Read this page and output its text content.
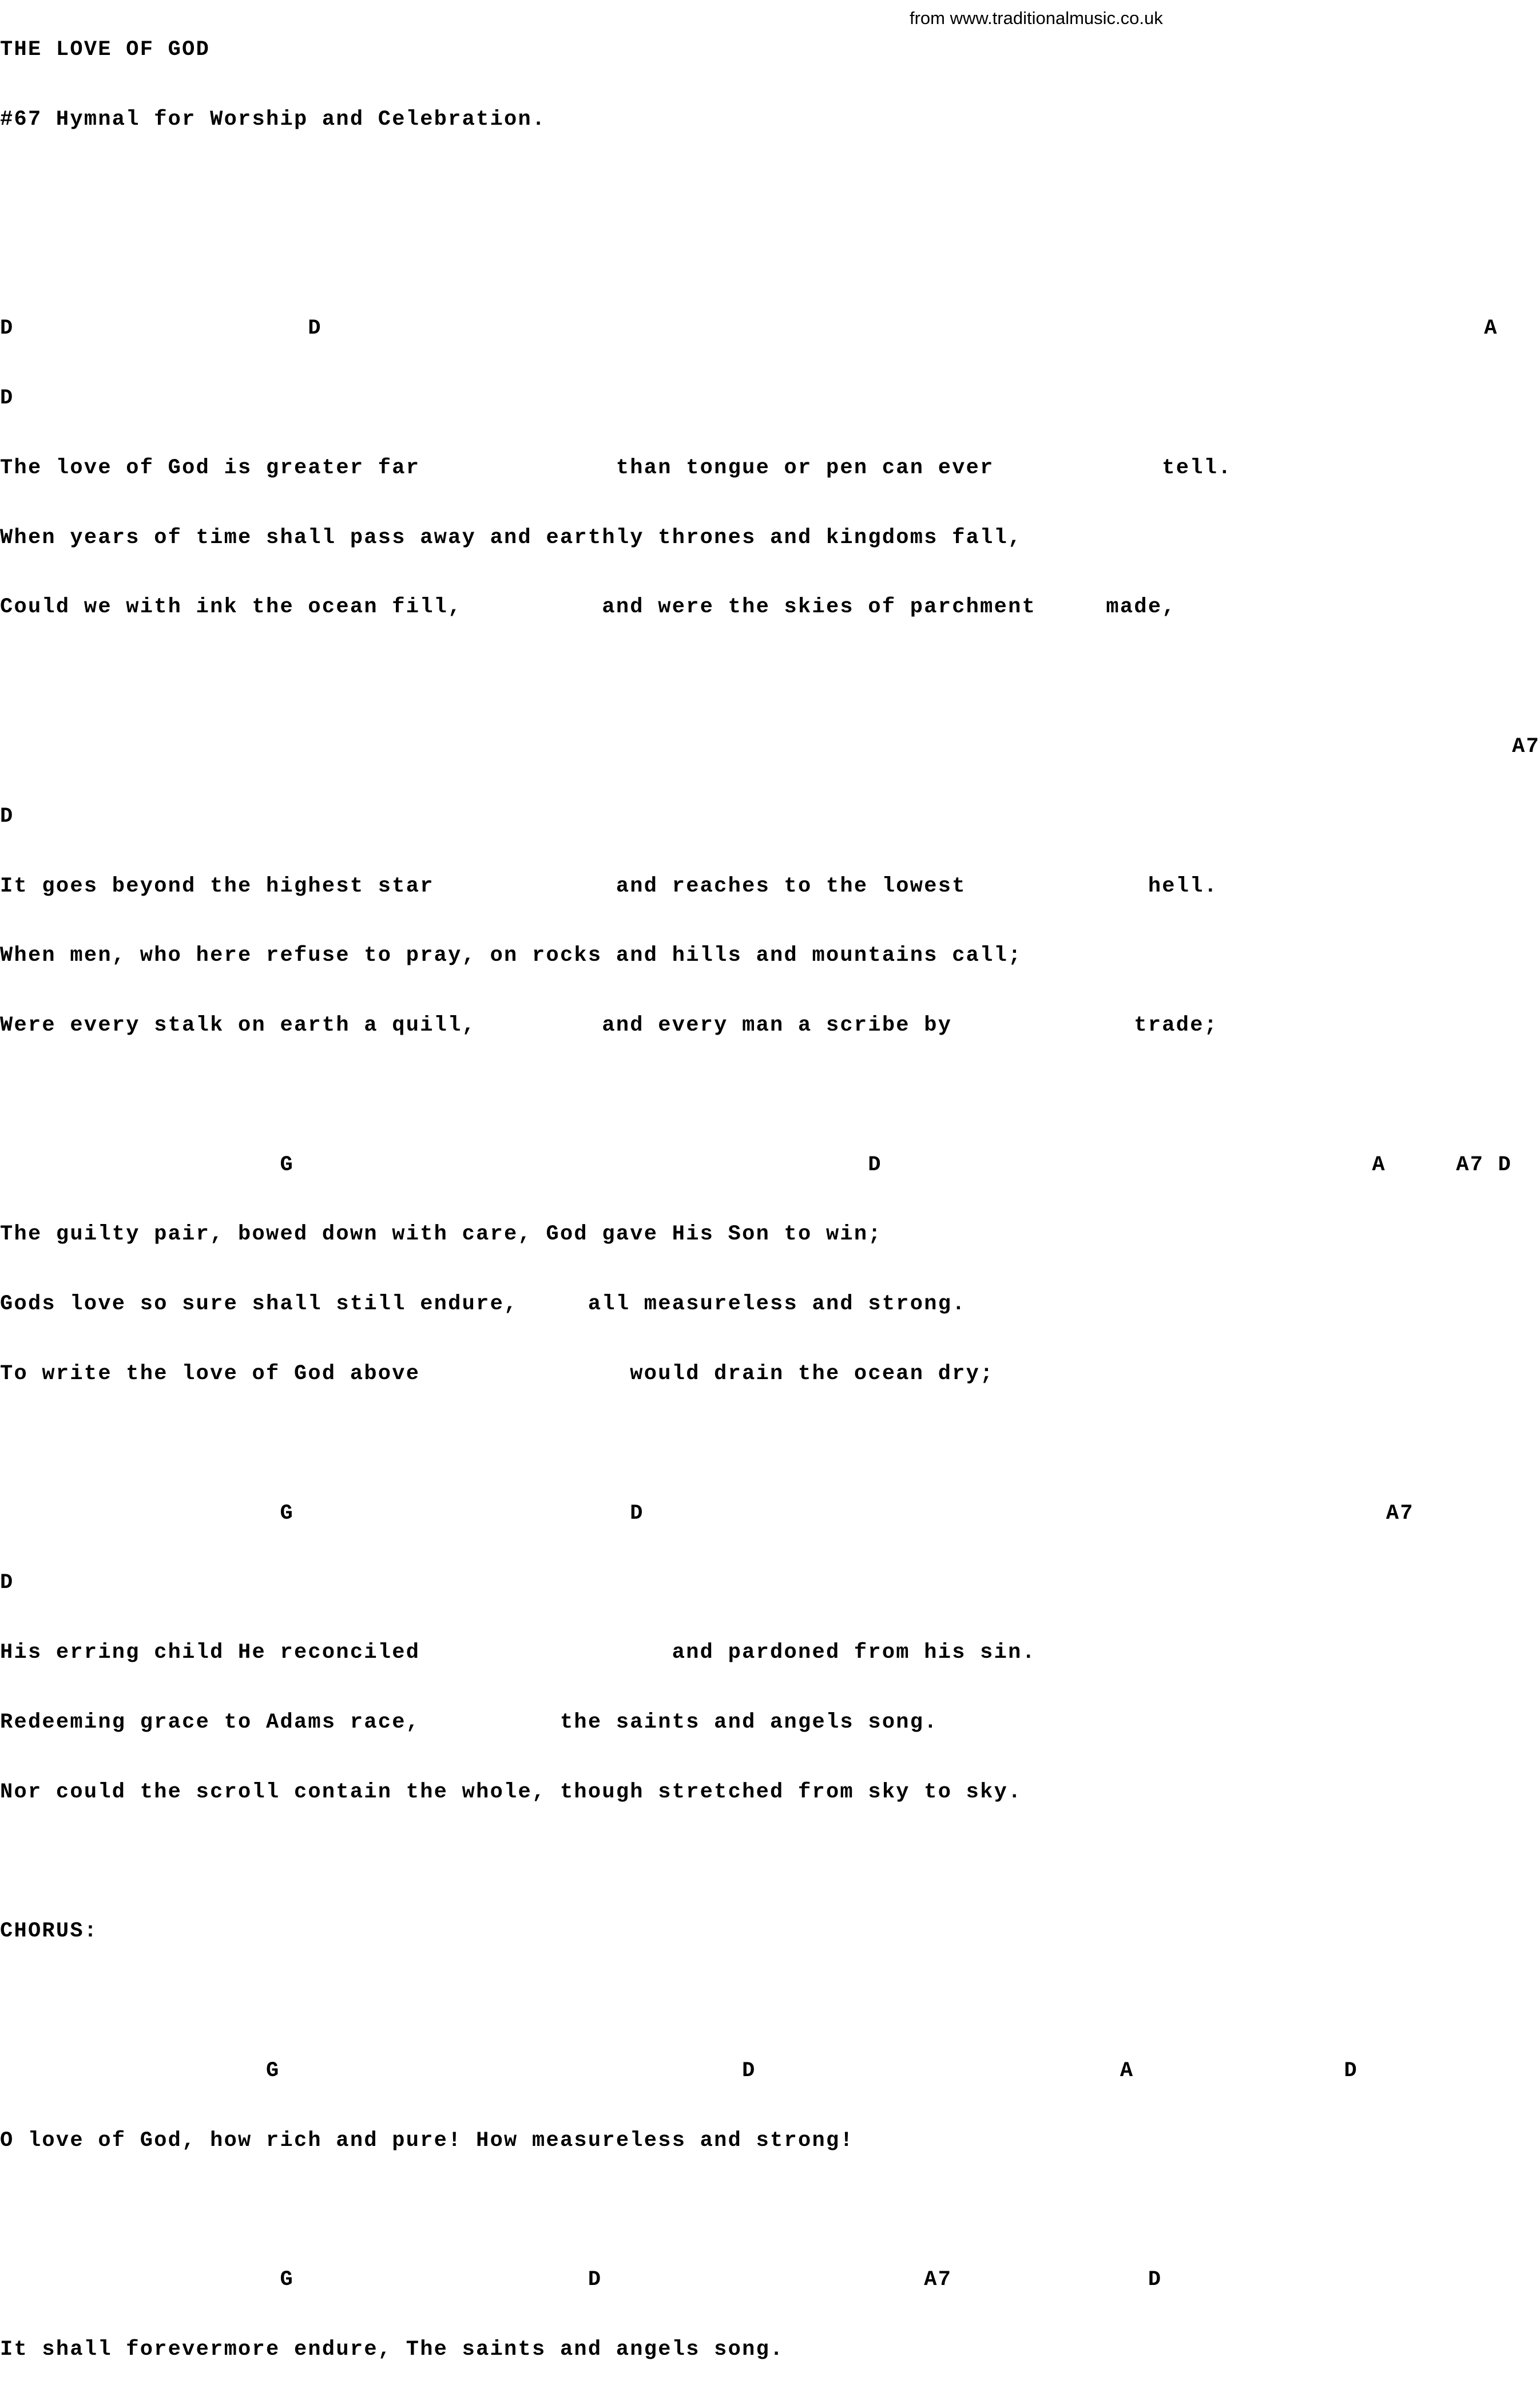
from www.traditionalmusic.co.uk

THE LOVE OF GOD

#67 Hymnal for Worship and Celebration.

D                     D                                                                                   A

D

The love of God is greater far              than tongue or pen can ever            tell.

When years of time shall pass away and earthly thrones and kingdoms fall,

Could we with ink the ocean fill,          and were the skies of parchment     made,

A7

D

It goes beyond the highest star             and reaches to the lowest             hell.

When men, who here refuse to pray, on rocks and hills and mountains call;

Were every stalk on earth a quill,         and every man a scribe by             trade;

G                                         D                                   A     A7 D

The guilty pair, bowed down with care, God gave His Son to win;

Gods love so sure shall still endure,     all measureless and strong.

To write the love of God above               would drain the ocean dry;

G                        D                                                     A7

D

His erring child He reconciled                  and pardoned from his sin.

Redeeming grace to Adams race,          the saints and angels song.

Nor could the scroll contain the whole, though stretched from sky to sky.

CHORUS:

G                                 D                          A               D

O love of God, how rich and pure! How measureless and strong!

G                     D                       A7              D

It shall forevermore endure, The saints and angels song.
